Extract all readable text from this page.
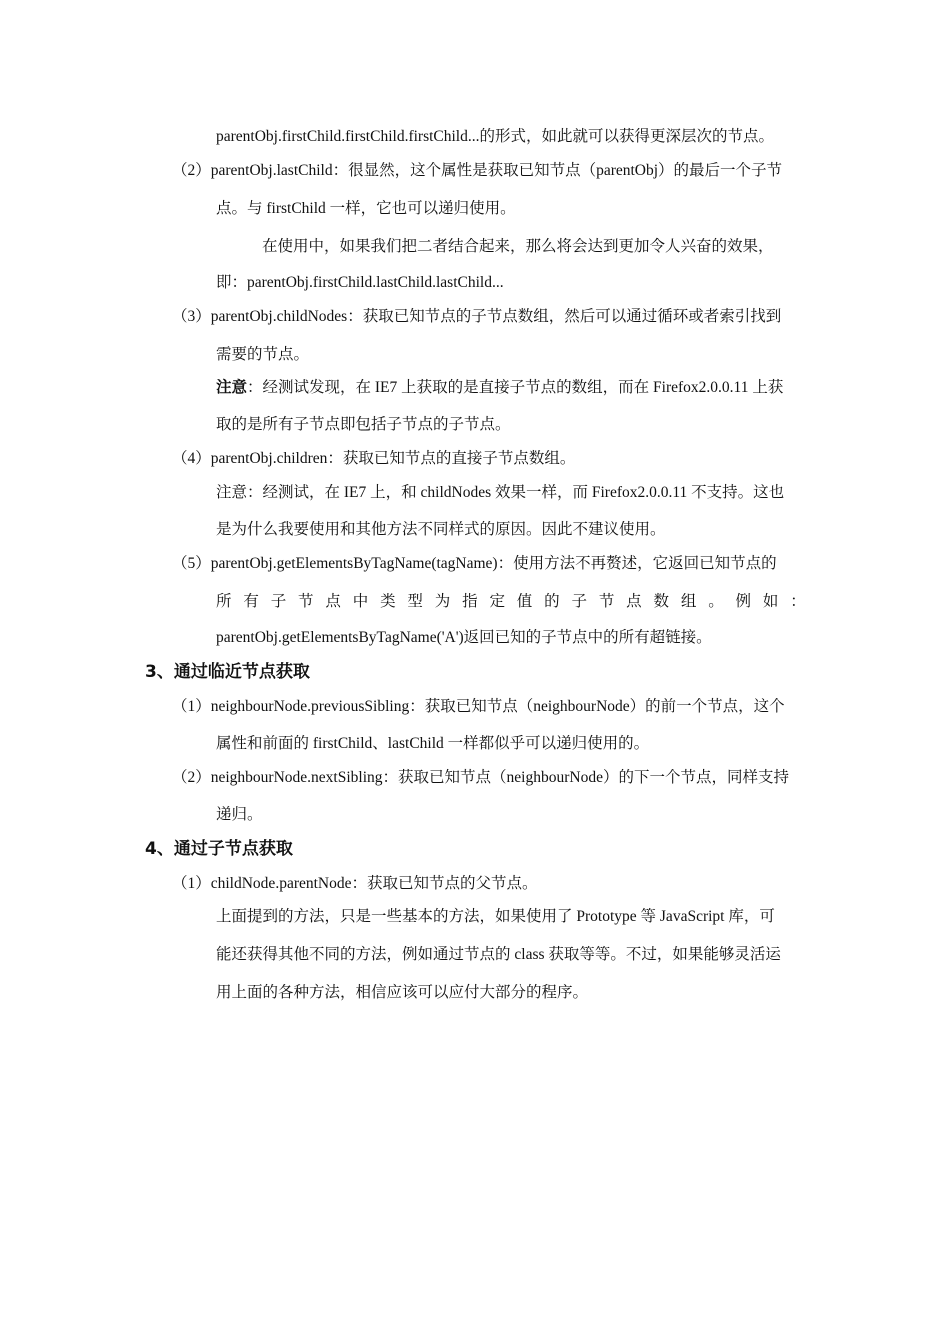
parentObj.firstChild.firstChild.firstChild...的形式，如此就可以获得更深层次的节点。
（2）parentObj.lastChild：很显然，这个属性是获取已知节点（parentObj）的最后一个子节
点。与 firstChild 一样，它也可以递归使用。
在使用中，如果我们把二者结合起来，那么将会达到更加令人兴奋的效果，
即：parentObj.firstChild.lastChild.lastChild...
（3）parentObj.childNodes：获取已知节点的子节点数组，然后可以通过循环或者索引找到
需要的节点。
注意：经测试发现，在 IE7 上获取的是直接子节点的数组，而在 Firefox2.0.0.11 上获
取的是所有子节点即包括子节点的子节点。
（4）parentObj.children：获取已知节点的直接子节点数组。
注意：经测试，在 IE7 上，和 childNodes 效果一样，而 Firefox2.0.0.11 不支持。这也
是为什么我要使用和其他方法不同样式的原因。因此不建议使用。
（5）parentObj.getElementsByTagName(tagName)：使用方法不再赘述，它返回已知节点的
所 有 子 节 点 中 类 型 为 指 定 值 的 子 节 点 数 组 。 例 如 ：
parentObj.getElementsByTagName('A')返回已知的子节点中的所有超链接。
3、通过临近节点获取
（1）neighbourNode.previousSibling：获取已知节点（neighbourNode）的前一个节点，这个
属性和前面的 firstChild、lastChild 一样都似乎可以递归使用的。
（2）neighbourNode.nextSibling：获取已知节点（neighbourNode）的下一个节点，同样支持
递归。
4、通过子节点获取
（1）childNode.parentNode：获取已知节点的父节点。
上面提到的方法，只是一些基本的方法，如果使用了 Prototype 等 JavaScript 库，可
能还获得其他不同的方法，例如通过节点的 class 获取等等。不过，如果能够灵活运
用上面的各种方法，相信应该可以应付大部分的程序。
